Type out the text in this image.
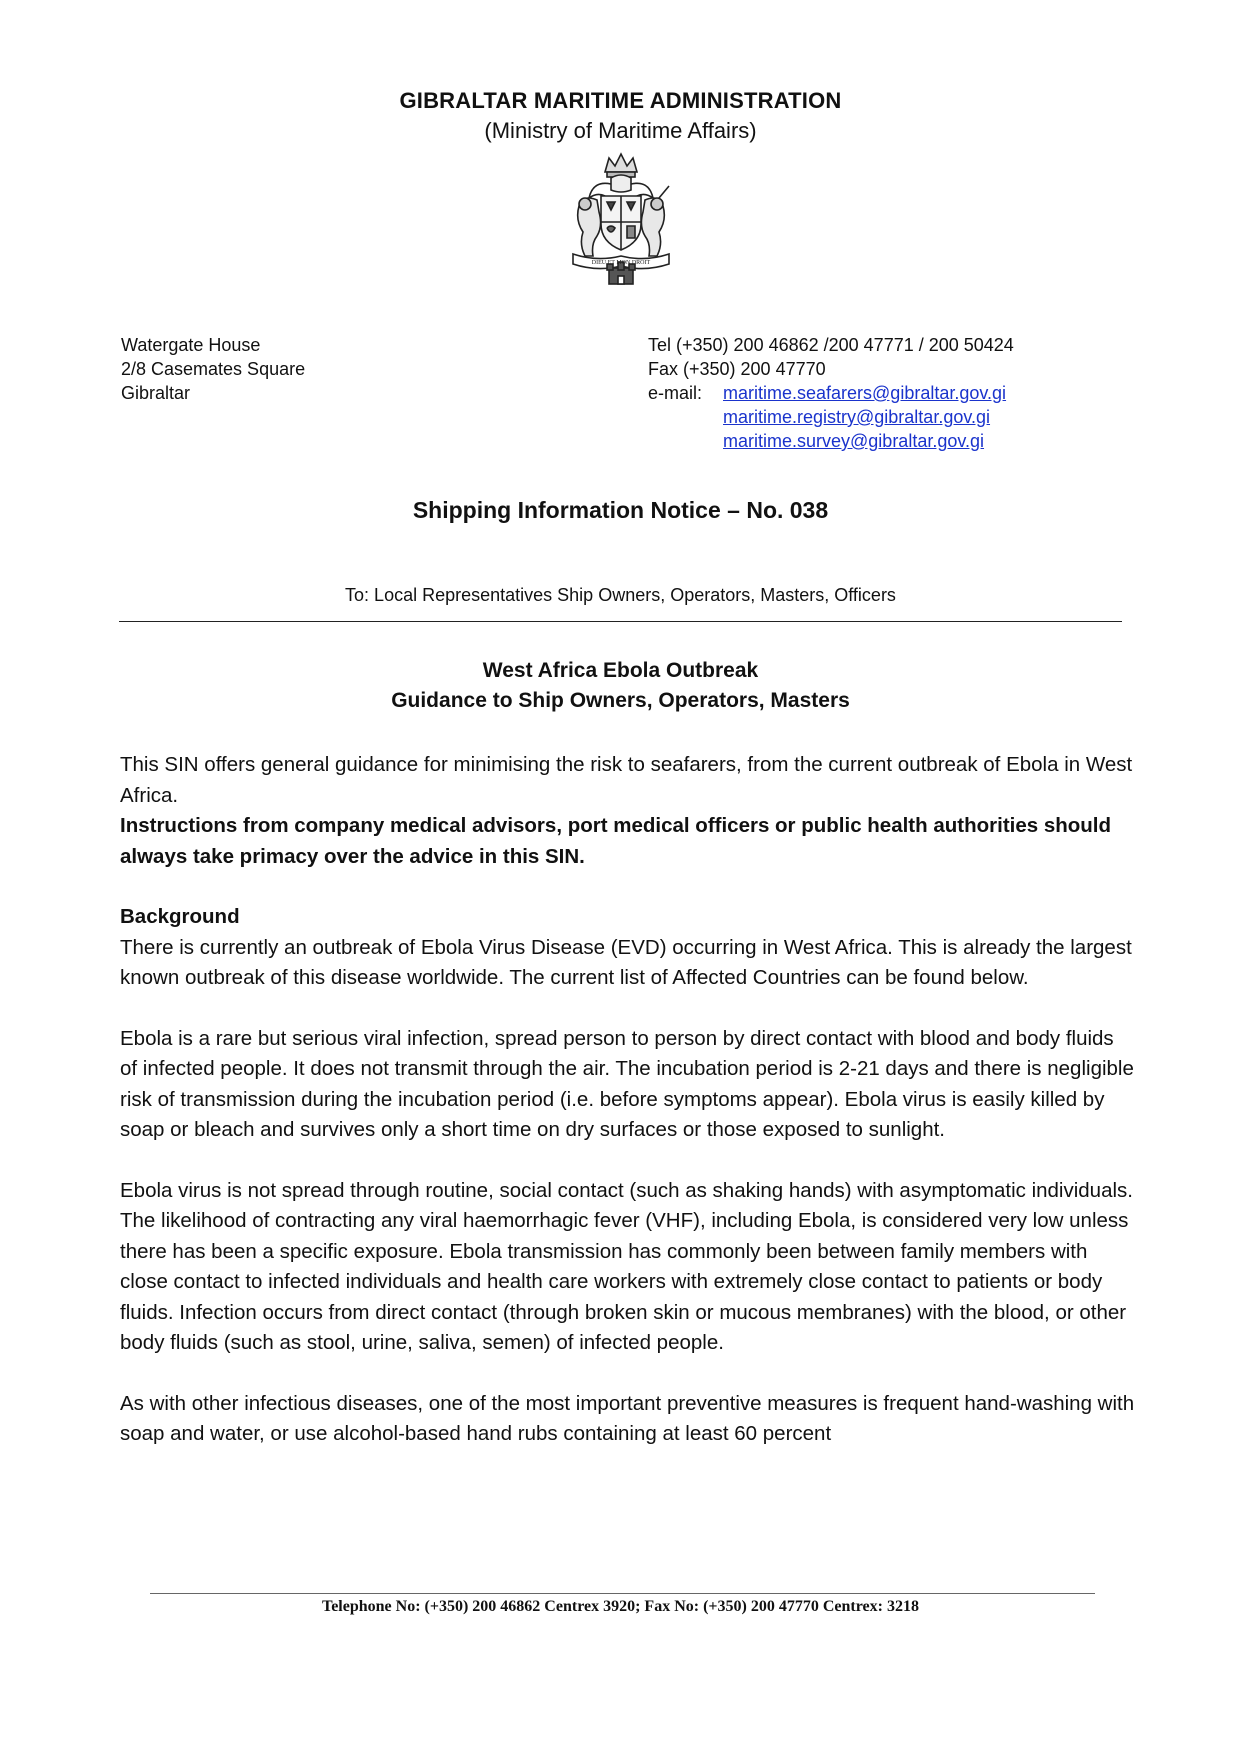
GIBRALTAR MARITIME ADMINISTRATION
(Ministry of Maritime Affairs)
DIEU ET MON DROIT
Watergate House
2/8 Casemates Square
Gibraltar
Tel (+350) 200 46862 /200 47771 / 200 50424
Fax (+350) 200 47770
e-mail: maritime.seafarers@gibraltar.gov.gi
maritime.registry@gibraltar.gov.gi
maritime.survey@gibraltar.gov.gi
Shipping Information Notice – No. 038
To: Local Representatives Ship Owners, Operators, Masters, Officers
West Africa Ebola Outbreak
Guidance to Ship Owners, Operators, Masters

This SIN offers general guidance for minimising the risk to seafarers, from the current outbreak of Ebola in West Africa.

Instructions from company medical advisors, port medical officers or public health authorities should always take primacy over the advice in this SIN.

Background

There is currently an outbreak of Ebola Virus Disease (EVD) occurring in West Africa. This is already the largest known outbreak of this disease worldwide. The current list of Affected Countries can be found below.

Ebola is a rare but serious viral infection, spread person to person by direct contact with blood and body fluids of infected people. It does not transmit through the air. The incubation period is 2-21 days and there is negligible risk of transmission during the incubation period (i.e. before symptoms appear). Ebola virus is easily killed by soap or bleach and survives only a short time on dry surfaces or those exposed to sunlight.

Ebola virus is not spread through routine, social contact (such as shaking hands) with asymptomatic individuals. The likelihood of contracting any viral haemorrhagic fever (VHF), including Ebola, is considered very low unless there has been a specific exposure. Ebola transmission has commonly been between family members with close contact to infected individuals and health care workers with extremely close contact to patients or body fluids. Infection occurs from direct contact (through broken skin or mucous membranes) with the blood, or other body fluids (such as stool, urine, saliva, semen) of infected people.

As with other infectious diseases, one of the most important preventive measures is frequent hand-washing with soap and water, or use alcohol-based hand rubs containing at least 60 percent

Telephone No: (+350) 200 46862 Centrex 3920; Fax No: (+350) 200 47770 Centrex: 3218
